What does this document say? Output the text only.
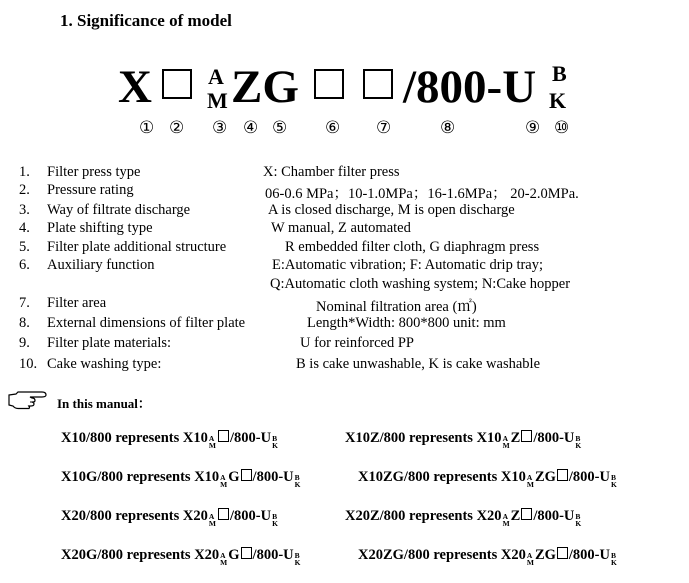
1. Significance of model
X	A
M ZG /800-U B
K
① ② ③ ④ ⑤ ⑥ ⑦	⑧	⑨ ⑩
1. Filter press type	X: Chamber filter press
2. Pressure rating	06-0.6 MPa；10-1.0MPa；16-1.6MPa； 20-2.0MPa.
3. Way of filtrate discharge	A is closed discharge, M is open discharge
4. Plate shifting type	W manual, Z automated
5. Filter plate additional structure	R embedded filter cloth, G diaphragm press
6. Auxiliary function	E:Automatic vibration; F: Automatic drip tray;
Q:Automatic cloth washing system; N:Cake hopper
7. Filter area	Nominal filtration area (㎡)
8. External dimensions of filter plate	Length*Width: 800*800 unit: mm
9. Filter plate materials:	U for reinforced PP
10. Cake washing type:	B is cake unwashable, K is cake washable
In this manual：
X10/800 represents X10 A
M /800-U B
K	X10Z/800 represents X10 A
M Z /800-U B
K
X10G/800 represents X10 A
M G /800-U B
K	X10ZG/800 represents X10 A
M ZG /800-U B
K
X20/800 represents X20 A
M /800-U B
K	X20Z/800 represents X20 A
M Z /800-U B
K
X20G/800 represents X20 A
M G /800-U B
K	X20ZG/800 represents X20 A
M ZG /800-U B
K
